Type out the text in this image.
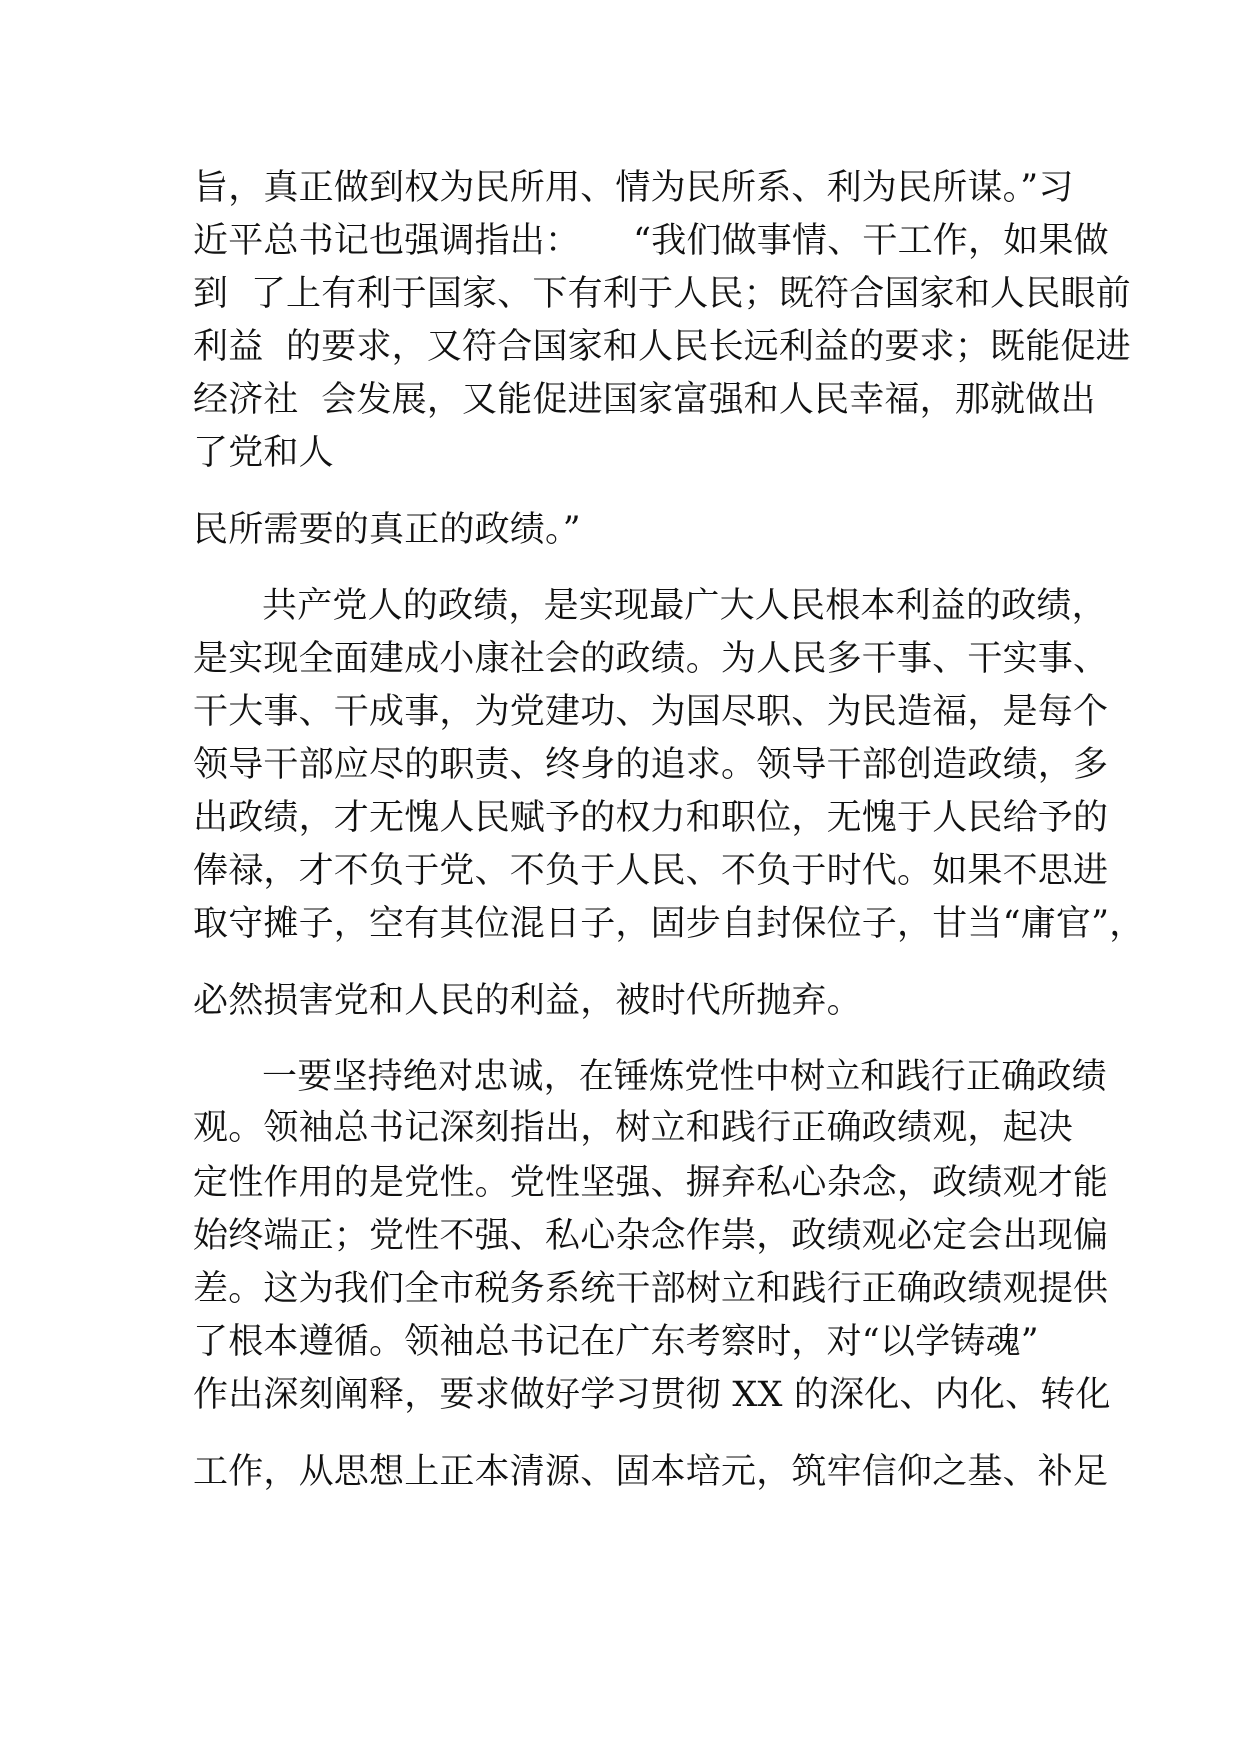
旨，真正做到权为民所用、情为民所系、利为民所谋。”习

近平总书记也强调指出：　　“我们做事情、干工作，如果做

到  了上有利于国家、下有利于人民；既符合国家和人民眼前

利益  的要求，又符合国家和人民长远利益的要求；既能促进

经济社  会发展，又能促进国家富强和人民幸福，那就做出

了党和人

民所需要的真正的政绩。”

共产党人的政绩，是实现最广大人民根本利益的政绩，

是实现全面建成小康社会的政绩。为人民多干事、干实事、

干大事、干成事，为党建功、为国尽职、为民造福，是每个

领导干部应尽的职责、终身的追求。领导干部创造政绩，多

出政绩，才无愧人民赋予的权力和职位，无愧于人民给予的

俸禄，才不负于党、不负于人民、不负于时代。如果不思进

取守摊子，空有其位混日子，固步自封保位子，甘当“庸官”，

必然损害党和人民的利益，被时代所抛弃。

一要坚持绝对忠诚，在锤炼党性中树立和践行正确政绩

观。领袖总书记深刻指出，树立和践行正确政绩观，起决

定性作用的是党性。党性坚强、摒弃私心杂念，政绩观才能

始终端正；党性不强、私心杂念作祟，政绩观必定会出现偏

差。这为我们全市税务系统干部树立和践行正确政绩观提供

了根本遵循。领袖总书记在广东考察时，对“以学铸魂”

作出深刻阐释，要求做好学习贯彻 XX 的深化、内化、转化

工作，从思想上正本清源、固本培元，筑牢信仰之基、补足
